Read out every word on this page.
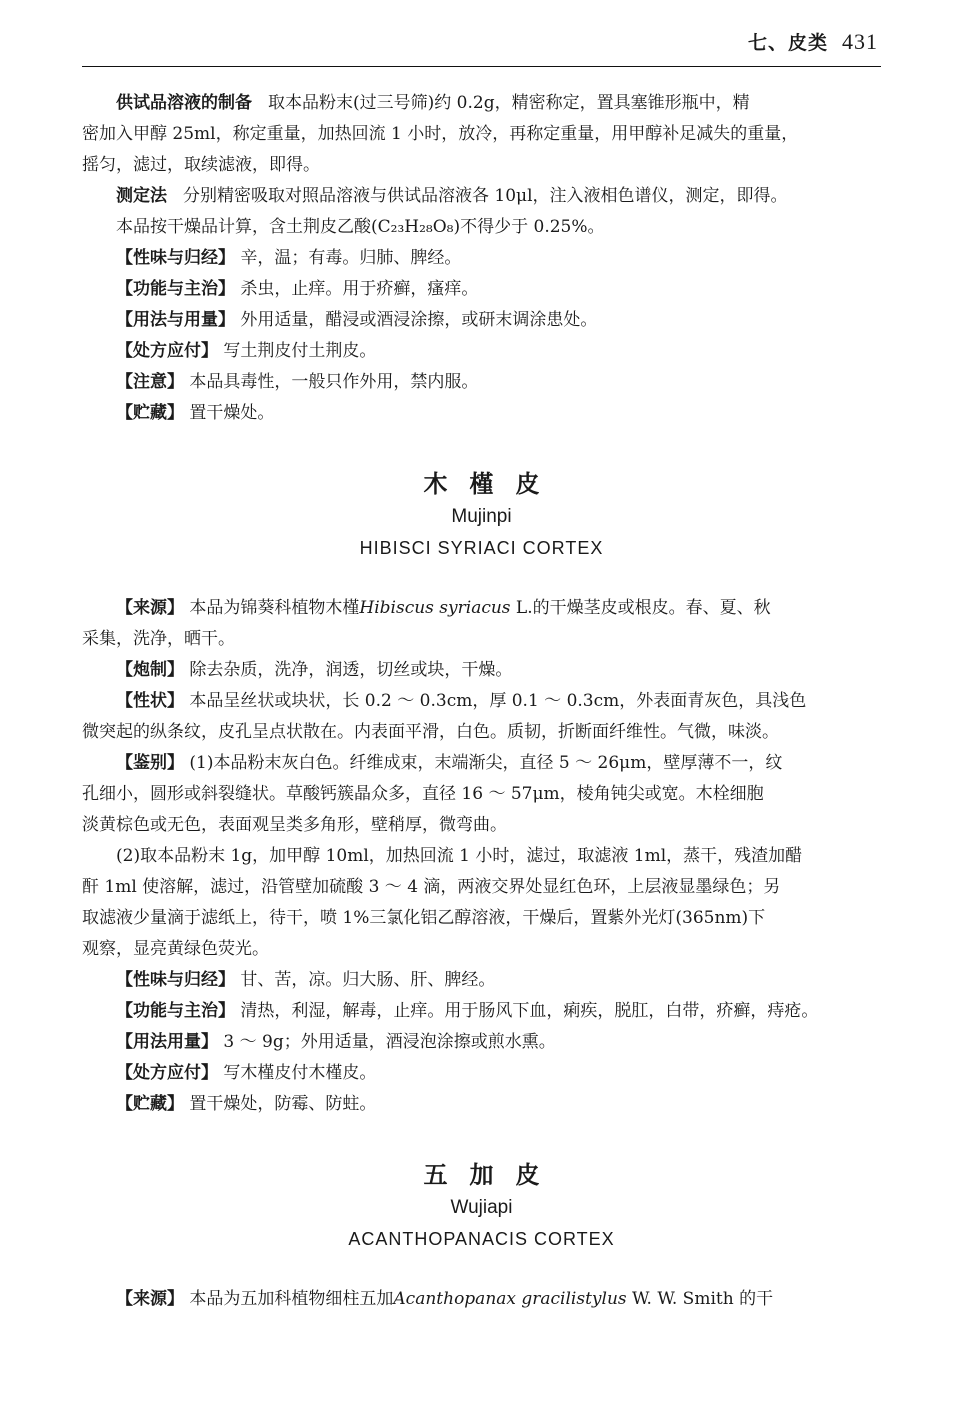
七、皮类 431

供试品溶液的制备 取本品粉末(过三号筛)约 0.2g，精密称定，置具塞锥形瓶中，精

密加入甲醇 25ml，称定重量，加热回流 1 小时，放冷，再称定重量，用甲醇补足减失的重量，

摇匀，滤过，取续滤液，即得。

测定法 分别精密吸取对照品溶液与供试品溶液各 10μl，注入液相色谱仪，测定，即得。

本品按干燥品计算，含土荆皮乙酸(C₂₃H₂₈O₈)不得少于 0.25%。

【性味与归经】 辛，温；有毒。归肺、脾经。

【功能与主治】 杀虫，止痒。用于疥癣，瘙痒。

【用法与用量】 外用适量，醋浸或酒浸涂擦，或研末调涂患处。

【处方应付】 写土荆皮付土荆皮。

【注意】 本品具毒性，一般只作外用，禁内服。

【贮藏】 置干燥处。

木槿皮
Mujinpi
HIBISCI SYRIACI CORTEX

【来源】 本品为锦葵科植物木槿Hibiscus syriacus L.的干燥茎皮或根皮。春、夏、秋

采集，洗净，晒干。

【炮制】 除去杂质，洗净，润透，切丝或块，干燥。

【性状】 本品呈丝状或块状，长 0.2 ～ 0.3cm，厚 0.1 ～ 0.3cm，外表面青灰色，具浅色

微突起的纵条纹，皮孔呈点状散在。内表面平滑，白色。质韧，折断面纤维性。气微，味淡。

【鉴别】 (1)本品粉末灰白色。纤维成束，末端渐尖，直径 5 ～ 26μm，壁厚薄不一，纹

孔细小，圆形或斜裂缝状。草酸钙簇晶众多，直径 16 ～ 57μm，棱角钝尖或宽。木栓细胞

淡黄棕色或无色，表面观呈类多角形，壁稍厚，微弯曲。

(2)取本品粉末 1g，加甲醇 10ml，加热回流 1 小时，滤过，取滤液 1ml，蒸干，残渣加醋

酐 1ml 使溶解，滤过，沿管壁加硫酸 3 ～ 4 滴，两液交界处显红色环，上层液显墨绿色；另

取滤液少量滴于滤纸上，待干，喷 1%三氯化铝乙醇溶液，干燥后，置紫外光灯(365nm)下

观察，显亮黄绿色荧光。

【性味与归经】 甘、苦，凉。归大肠、肝、脾经。

【功能与主治】 清热，利湿，解毒，止痒。用于肠风下血，痢疾，脱肛，白带，疥癣，痔疮。

【用法用量】 3 ～ 9g；外用适量，酒浸泡涂擦或煎水熏。

【处方应付】 写木槿皮付木槿皮。

【贮藏】 置干燥处，防霉、防蛀。

五加皮
Wujiapi
ACANTHOPANACIS CORTEX

【来源】 本品为五加科植物细柱五加Acanthopanax gracilistylus W. W. Smith 的干
